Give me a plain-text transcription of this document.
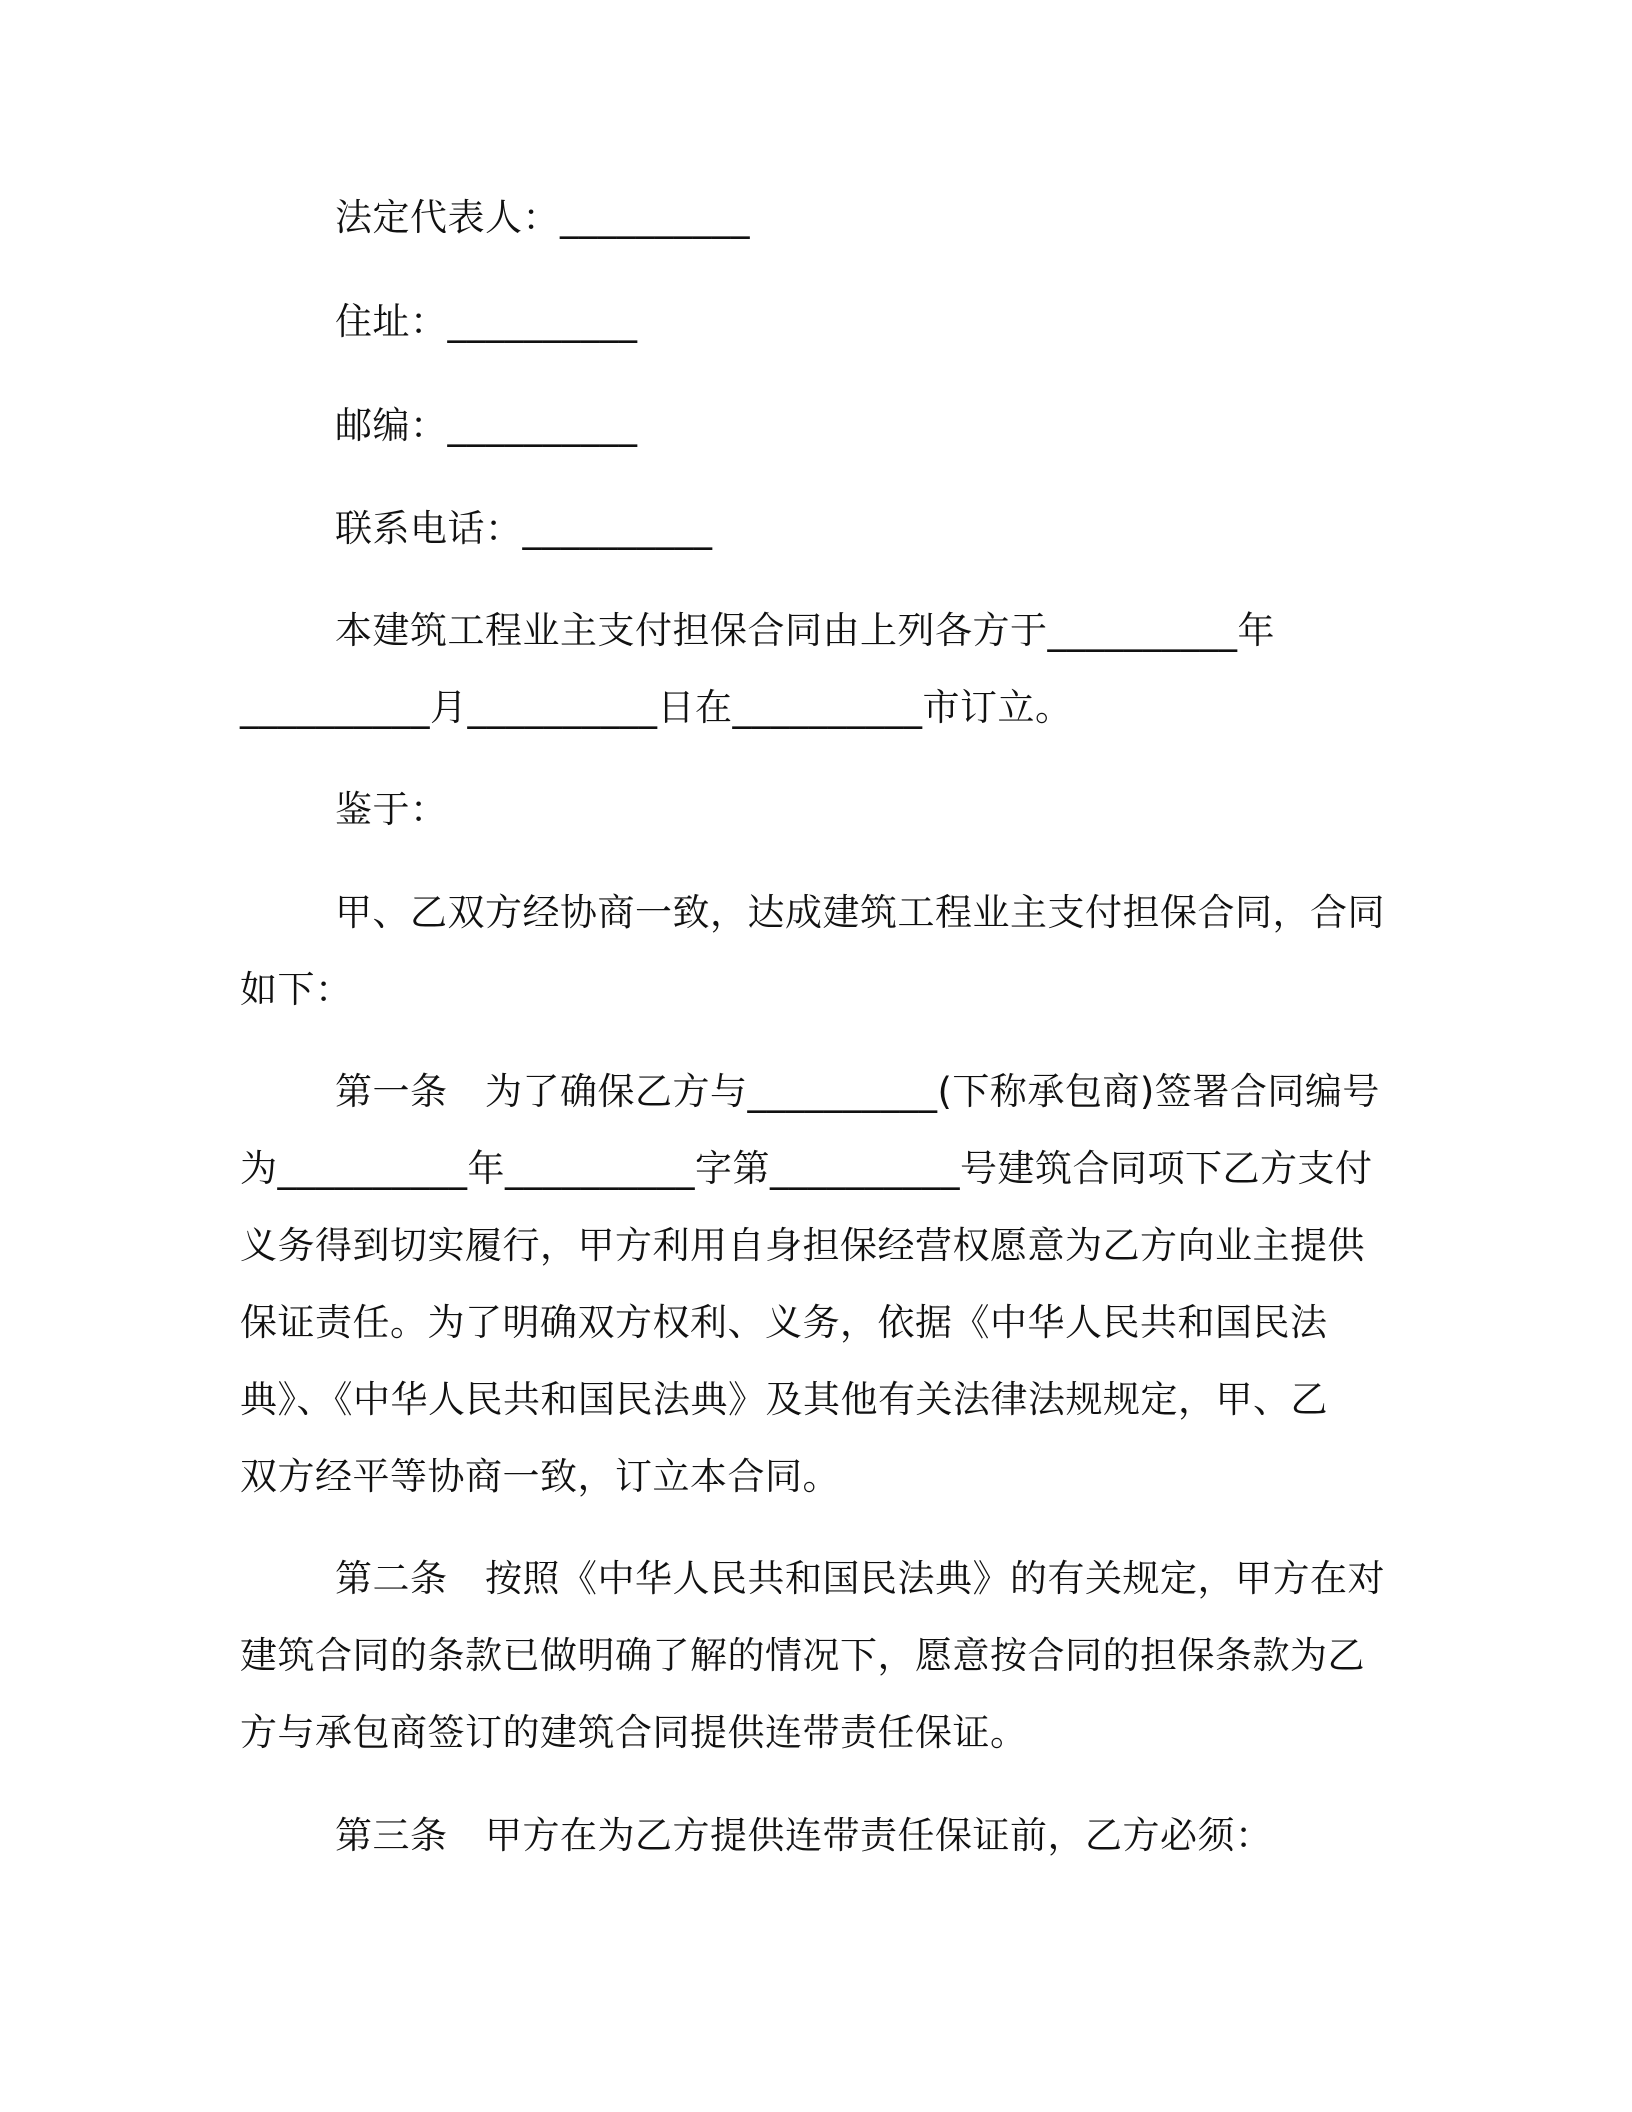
法定代表人：__________
住址：__________
邮编：__________
联系电话：__________
本建筑工程业主支付担保合同由上列各方于__________年
__________月__________日在__________市订立。
鉴于：
甲、乙双方经协商一致，达成建筑工程业主支付担保合同，合同
如下：
第一条　为了确保乙方与__________(下称承包商)签署合同编号
为__________年__________字第__________号建筑合同项下乙方支付
义务得到切实履行，甲方利用自身担保经营权愿意为乙方向业主提供
保证责任。为了明确双方权利、义务，依据《中华人民共和国民法
典》、《中华人民共和国民法典》及其他有关法律法规规定，甲、乙
双方经平等协商一致，订立本合同。
第二条　按照《中华人民共和国民法典》的有关规定，甲方在对
建筑合同的条款已做明确了解的情况下，愿意按合同的担保条款为乙
方与承包商签订的建筑合同提供连带责任保证。
第三条　甲方在为乙方提供连带责任保证前，乙方必须：
